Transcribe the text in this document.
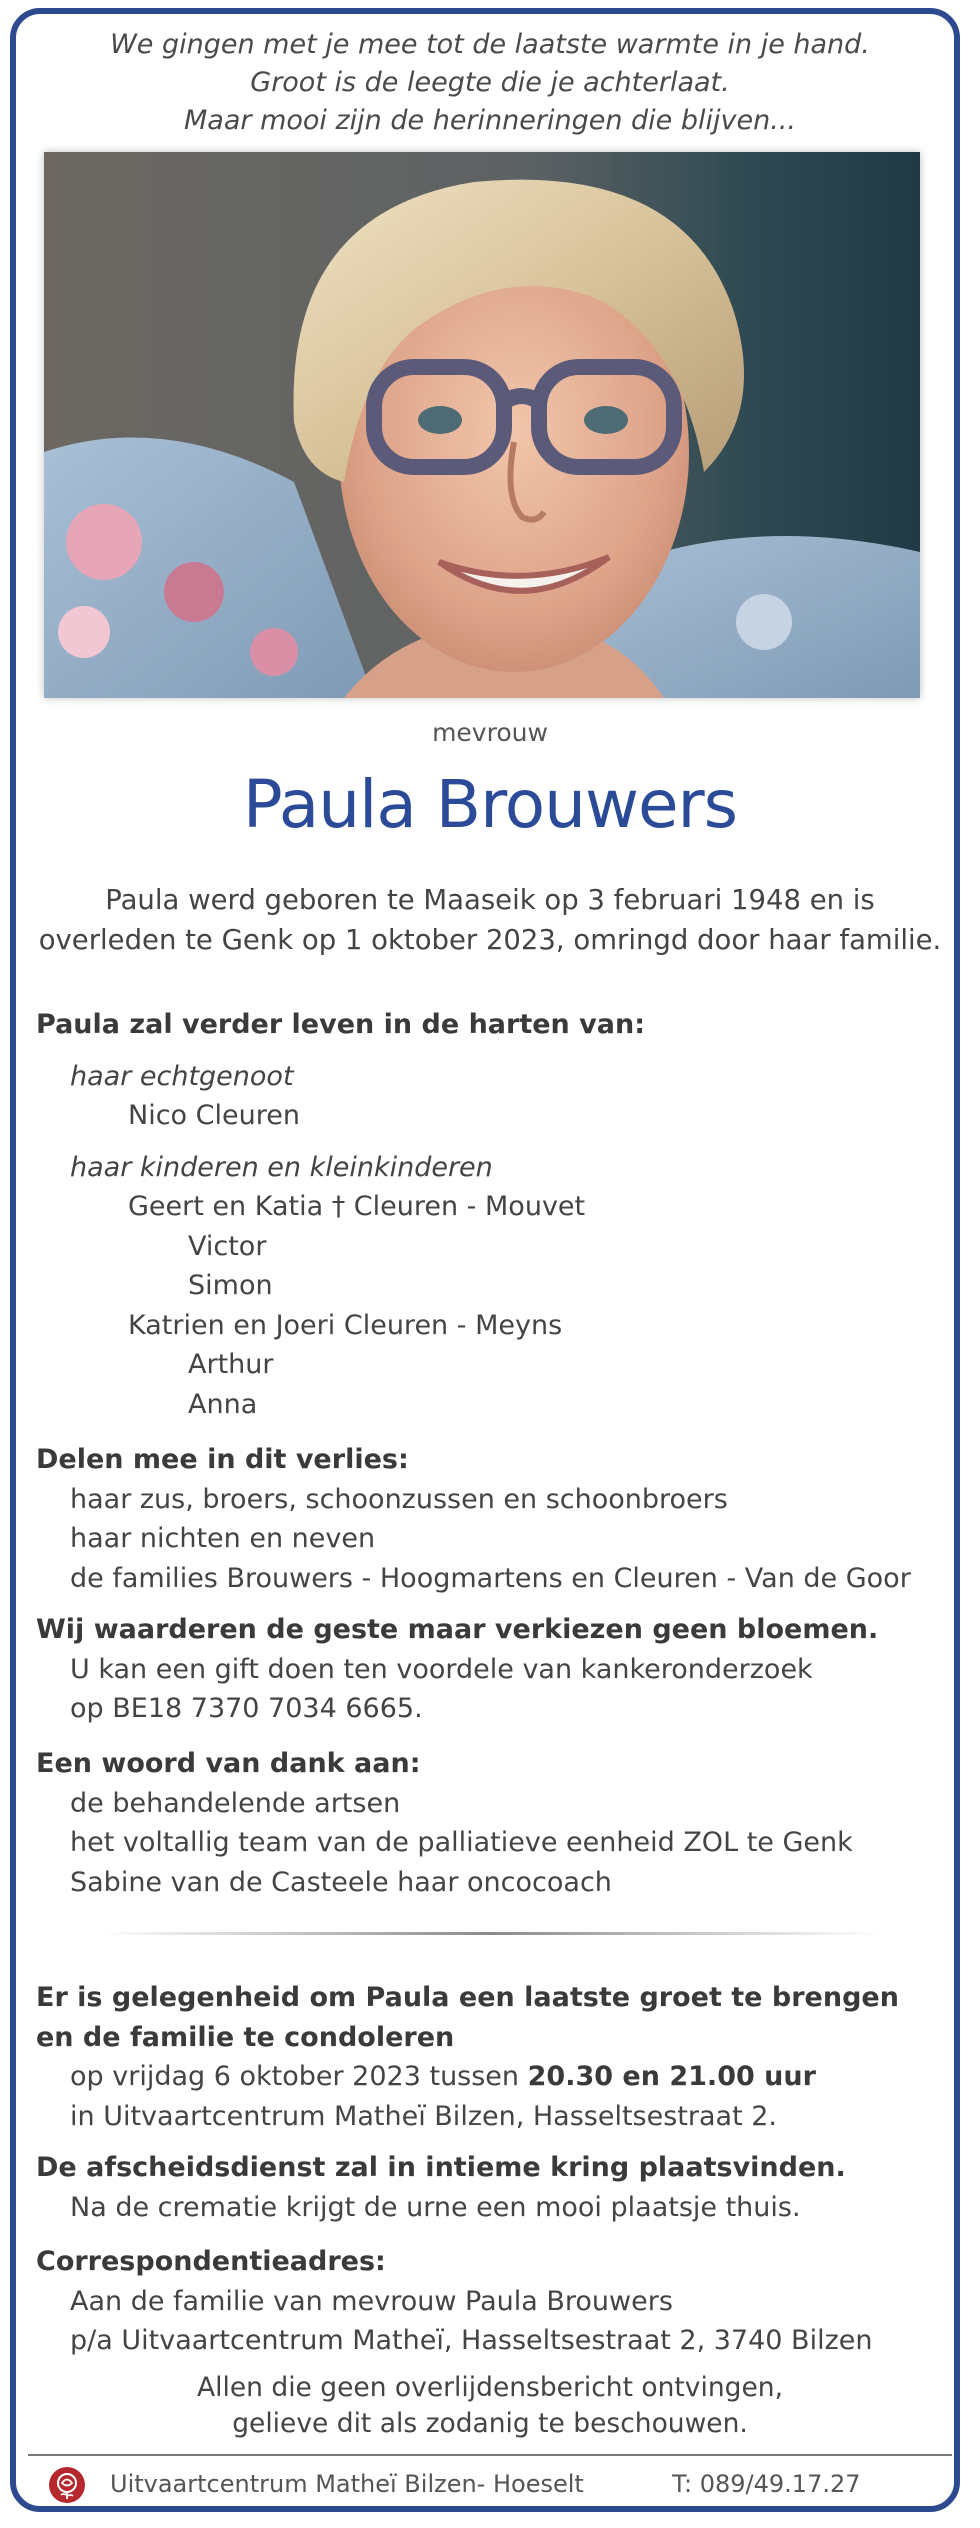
We gingen met je mee tot de laatste warmte in je hand.
Groot is de leegte die je achterlaat.
Maar mooi zijn de herinneringen die blijven...
mevrouw
Paula Brouwers
Paula werd geboren te Maaseik op 3 februari 1948 en is
overleden te Genk op 1 oktober 2023, omringd door haar familie.
Paula zal verder leven in de harten van:
haar echtgenoot
Nico Cleuren
haar kinderen en kleinkinderen
Geert en Katia † Cleuren - Mouvet
Victor
Simon
Katrien en Joeri Cleuren - Meyns
Arthur
Anna
Delen mee in dit verlies:
haar zus, broers, schoonzussen en schoonbroers
haar nichten en neven
de families Brouwers - Hoogmartens en Cleuren - Van de Goor
Wij waarderen de geste maar verkiezen geen bloemen.
U kan een gift doen ten voordele van kankeronderzoek
op BE18 7370 7034 6665.
Een woord van dank aan:
de behandelende artsen
het voltallig team van de palliatieve eenheid ZOL te Genk
Sabine van de Casteele haar oncocoach
Er is gelegenheid om Paula een laatste groet te brengen
en de familie te condoleren
op vrijdag 6 oktober 2023 tussen 20.30 en 21.00 uur
in Uitvaartcentrum Matheï Bilzen, Hasseltsestraat 2.
De afscheidsdienst zal in intieme kring plaatsvinden.
Na de crematie krijgt de urne een mooi plaatsje thuis.
Correspondentieadres:
Aan de familie van mevrouw Paula Brouwers
p/a Uitvaartcentrum Matheï, Hasseltsestraat 2, 3740 Bilzen
Allen die geen overlijdensbericht ontvingen,
gelieve dit als zodanig te beschouwen.
Uitvaartcentrum Matheï Bilzen- Hoeselt	T: 089/49.17.27
